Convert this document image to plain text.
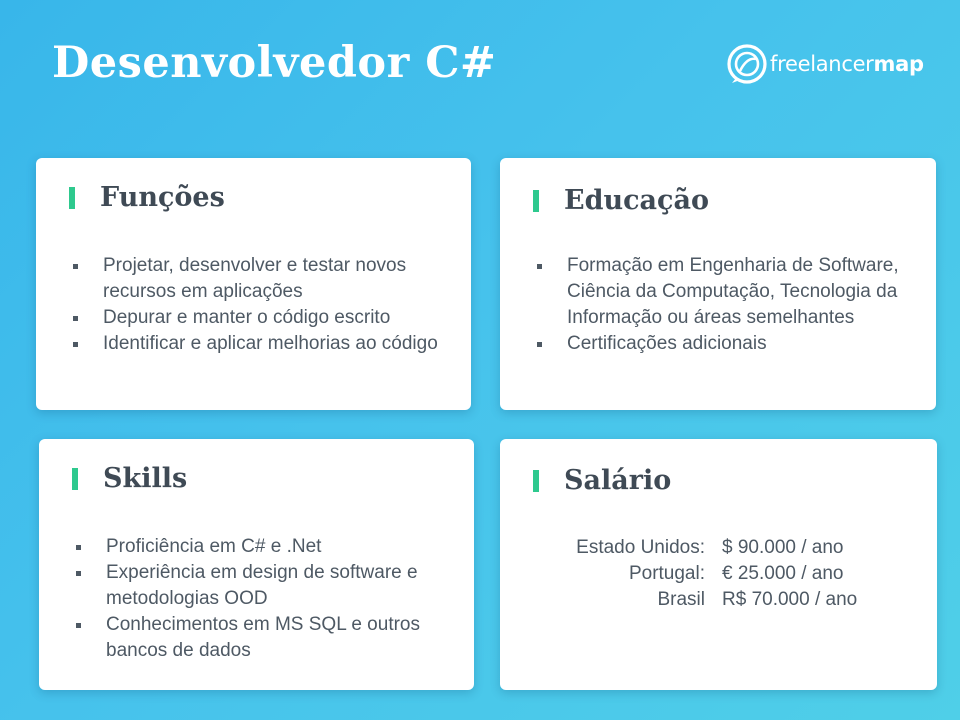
Desenvolvedor C#	freelancermap
Funções
Projetar, desenvolver e testar novos recursos em aplicações
Depurar e manter o código escrito
Identificar e aplicar melhorias ao código
Educação
Formação em Engenharia de Software, Ciência da Computação, Tecnologia da Informação ou áreas semelhantes
Certificações adicionais
Skills
Proficiência em C# e .Net
Experiência em design de software e metodologias OOD
Conhecimentos em MS SQL e outros bancos de dados
Salário
Estado Unidos:	$ 90.000 / ano
Portugal:	€ 25.000 / ano
Brasil	R$ 70.000 / ano
